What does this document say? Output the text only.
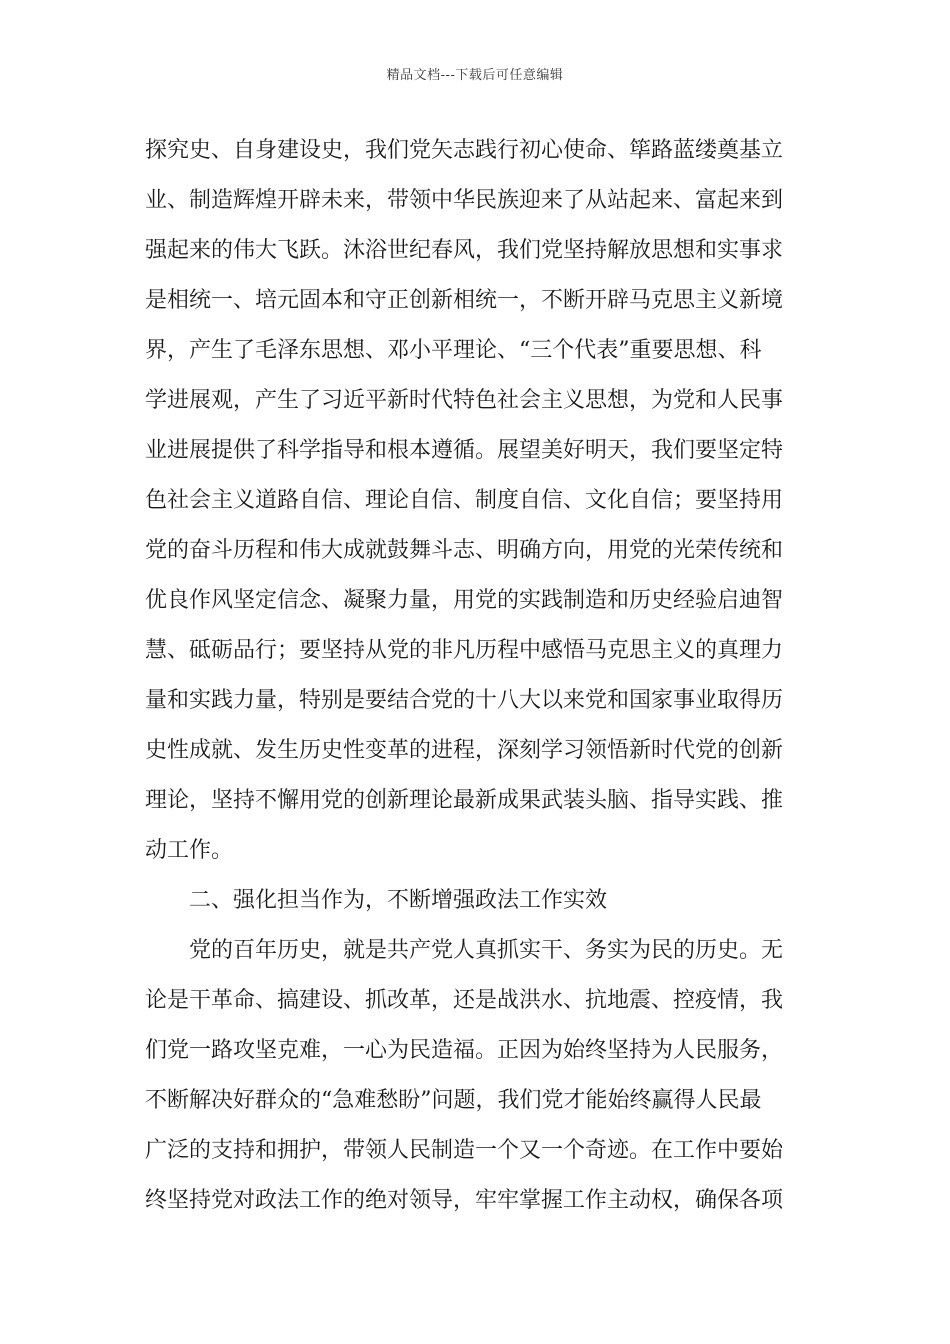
精品文档---下载后可任意编辑
探究史、自身建设史，我们党矢志践行初心使命、筚路蓝缕奠基立
业、制造辉煌开辟未来，带领中华民族迎来了从站起来、富起来到
强起来的伟大飞跃。沐浴世纪春风，我们党坚持解放思想和实事求
是相统一、培元固本和守正创新相统一，不断开辟马克思主义新境
界，产生了毛泽东思想、邓小平理论、“三个代表”重要思想、科
学进展观，产生了习近平新时代特色社会主义思想，为党和人民事
业进展提供了科学指导和根本遵循。展望美好明天，我们要坚定特
色社会主义道路自信、理论自信、制度自信、文化自信；要坚持用
党的奋斗历程和伟大成就鼓舞斗志、明确方向，用党的光荣传统和
优良作风坚定信念、凝聚力量，用党的实践制造和历史经验启迪智
慧、砥砺品行；要坚持从党的非凡历程中感悟马克思主义的真理力
量和实践力量，特别是要结合党的十八大以来党和国家事业取得历
史性成就、发生历史性变革的进程，深刻学习领悟新时代党的创新
理论，坚持不懈用党的创新理论最新成果武装头脑、指导实践、推
动工作。
二、强化担当作为，不断增强政法工作实效
党的百年历史，就是共产党人真抓实干、务实为民的历史。无
论是干革命、搞建设、抓改革，还是战洪水、抗地震、控疫情，我
们党一路攻坚克难，一心为民造福。正因为始终坚持为人民服务，
不断解决好群众的“急难愁盼”问题，我们党才能始终赢得人民最
广泛的支持和拥护，带领人民制造一个又一个奇迹。在工作中要始
终坚持党对政法工作的绝对领导，牢牢掌握工作主动权，确保各项
